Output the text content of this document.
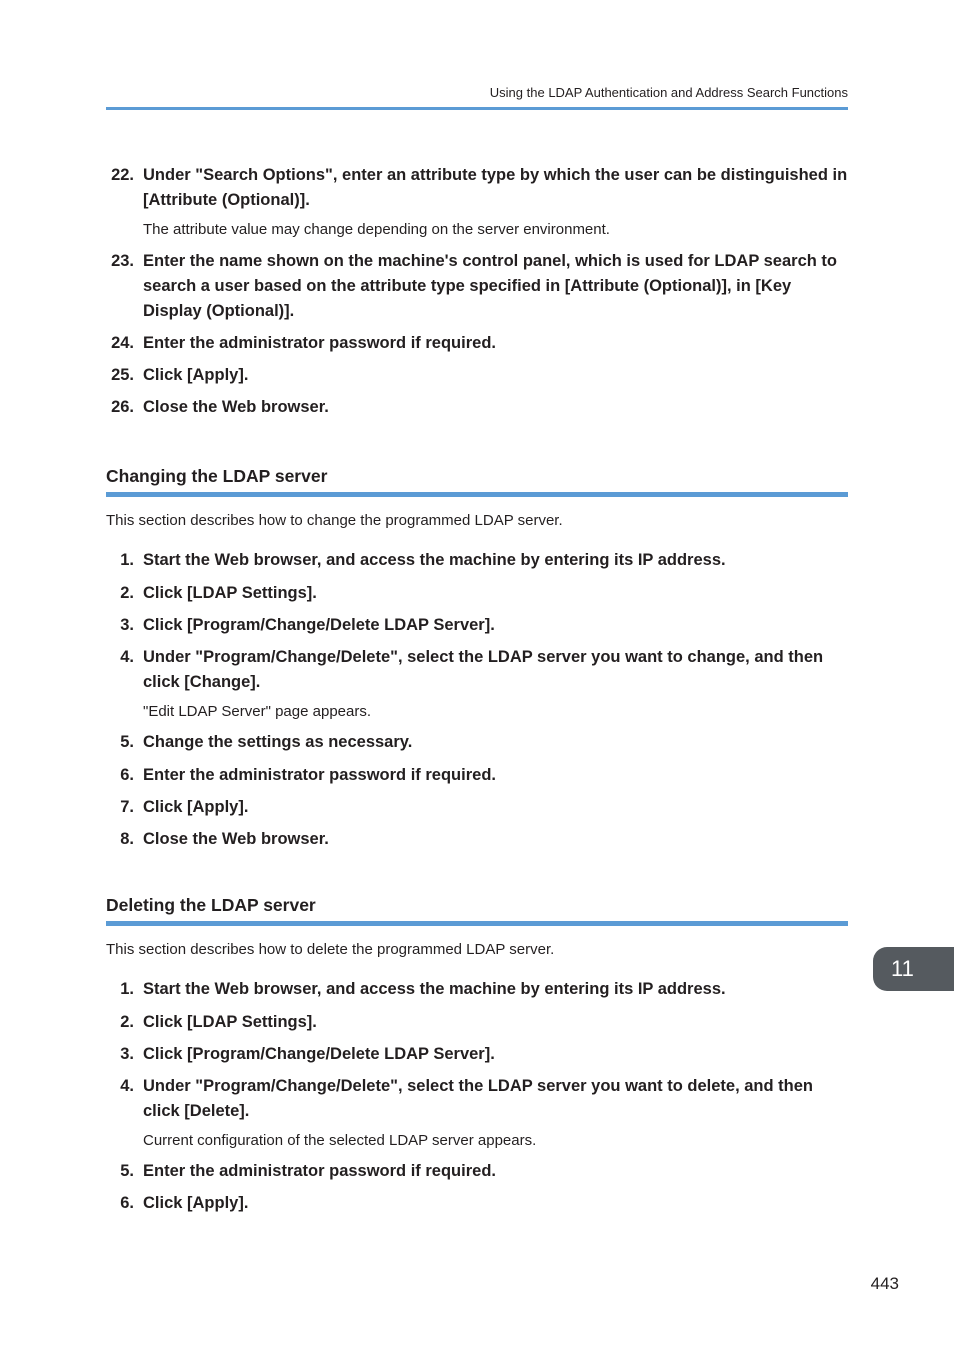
Using the LDAP Authentication and Address Search Functions
22. Under "Search Options", enter an attribute type by which the user can be distinguished in [Attribute (Optional)].
The attribute value may change depending on the server environment.
23. Enter the name shown on the machine's control panel, which is used for LDAP search to search a user based on the attribute type specified in [Attribute (Optional)], in [Key Display (Optional)].
24. Enter the administrator password if required.
25. Click [Apply].
26. Close the Web browser.
Changing the LDAP server
This section describes how to change the programmed LDAP server.
1. Start the Web browser, and access the machine by entering its IP address.
2. Click [LDAP Settings].
3. Click [Program/Change/Delete LDAP Server].
4. Under "Program/Change/Delete", select the LDAP server you want to change, and then click [Change].
"Edit LDAP Server" page appears.
5. Change the settings as necessary.
6. Enter the administrator password if required.
7. Click [Apply].
8. Close the Web browser.
Deleting the LDAP server
This section describes how to delete the programmed LDAP server.
1. Start the Web browser, and access the machine by entering its IP address.
2. Click [LDAP Settings].
3. Click [Program/Change/Delete LDAP Server].
4. Under "Program/Change/Delete", select the LDAP server you want to delete, and then click [Delete].
Current configuration of the selected LDAP server appears.
5. Enter the administrator password if required.
6. Click [Apply].
11
443
